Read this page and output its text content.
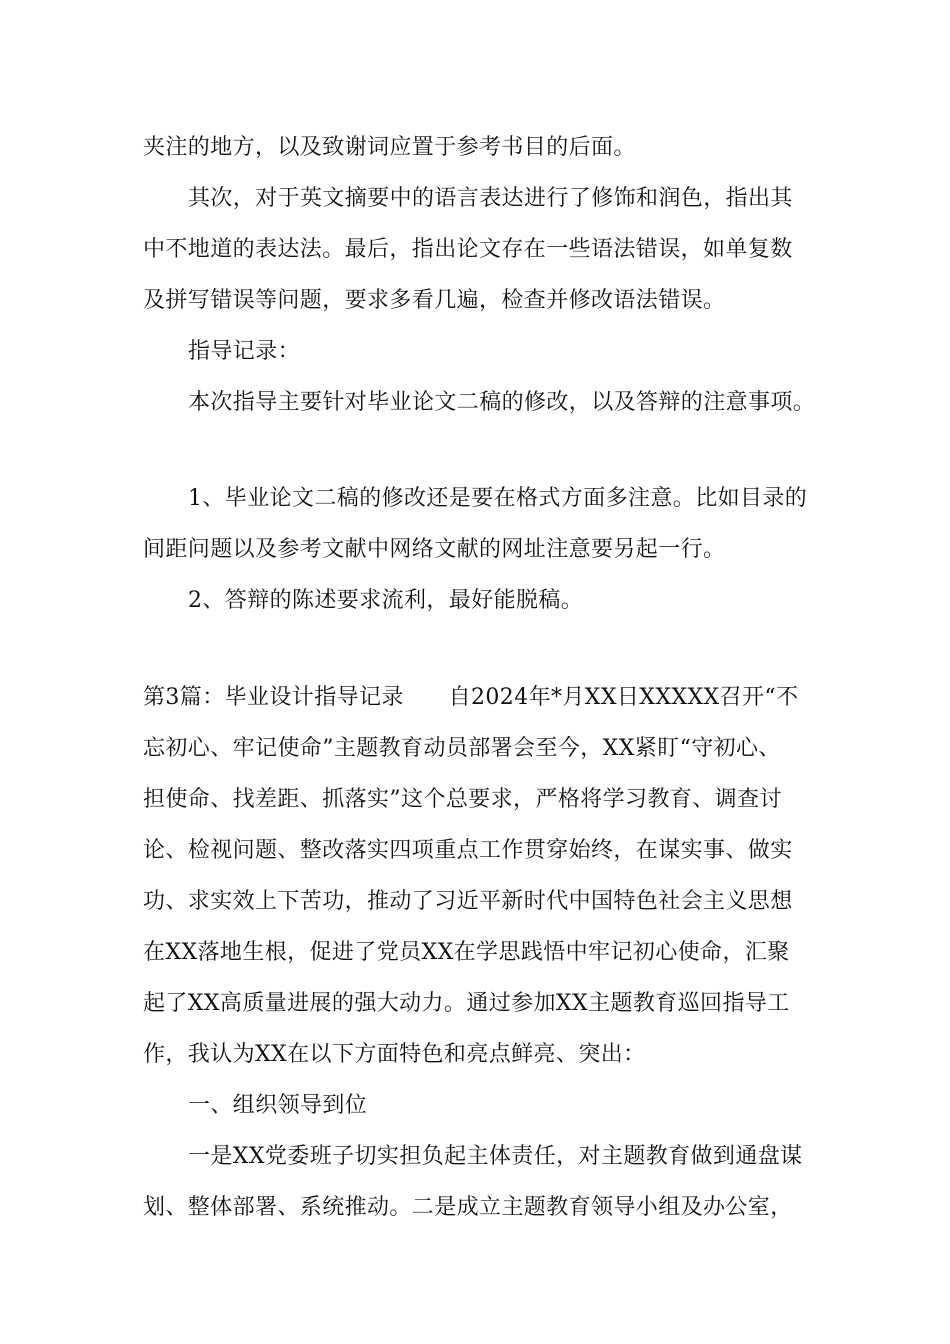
夹注的地方，以及致谢词应置于参考书目的后面。
其次，对于英文摘要中的语言表达进行了修饰和润色，指出其
中不地道的表达法。最后，指出论文存在一些语法错误，如单复数
及拼写错误等问题，要求多看几遍，检查并修改语法错误。
指导记录：
本次指导主要针对毕业论文二稿的修改，以及答辩的注意事项。
1、毕业论文二稿的修改还是要在格式方面多注意。比如目录的
间距问题以及参考文献中网络文献的网址注意要另起一行。
2、答辩的陈述要求流利，最好能脱稿。
第3篇：毕业设计指导记录　　自2024年*月XX日XXXXX召开“不
忘初心、牢记使命”主题教育动员部署会至今，XX紧盯“守初心、
担使命、找差距、抓落实”这个总要求，严格将学习教育、调查讨
论、检视问题、整改落实四项重点工作贯穿始终，在谋实事、做实
功、求实效上下苦功，推动了习近平新时代中国特色社会主义思想
在XX落地生根，促进了党员XX在学思践悟中牢记初心使命，汇聚
起了XX高质量进展的强大动力。通过参加XX主题教育巡回指导工
作，我认为XX在以下方面特色和亮点鲜亮、突出：
一、组织领导到位
一是XX党委班子切实担负起主体责任，对主题教育做到通盘谋
划、整体部署、系统推动。二是成立主题教育领导小组及办公室，
